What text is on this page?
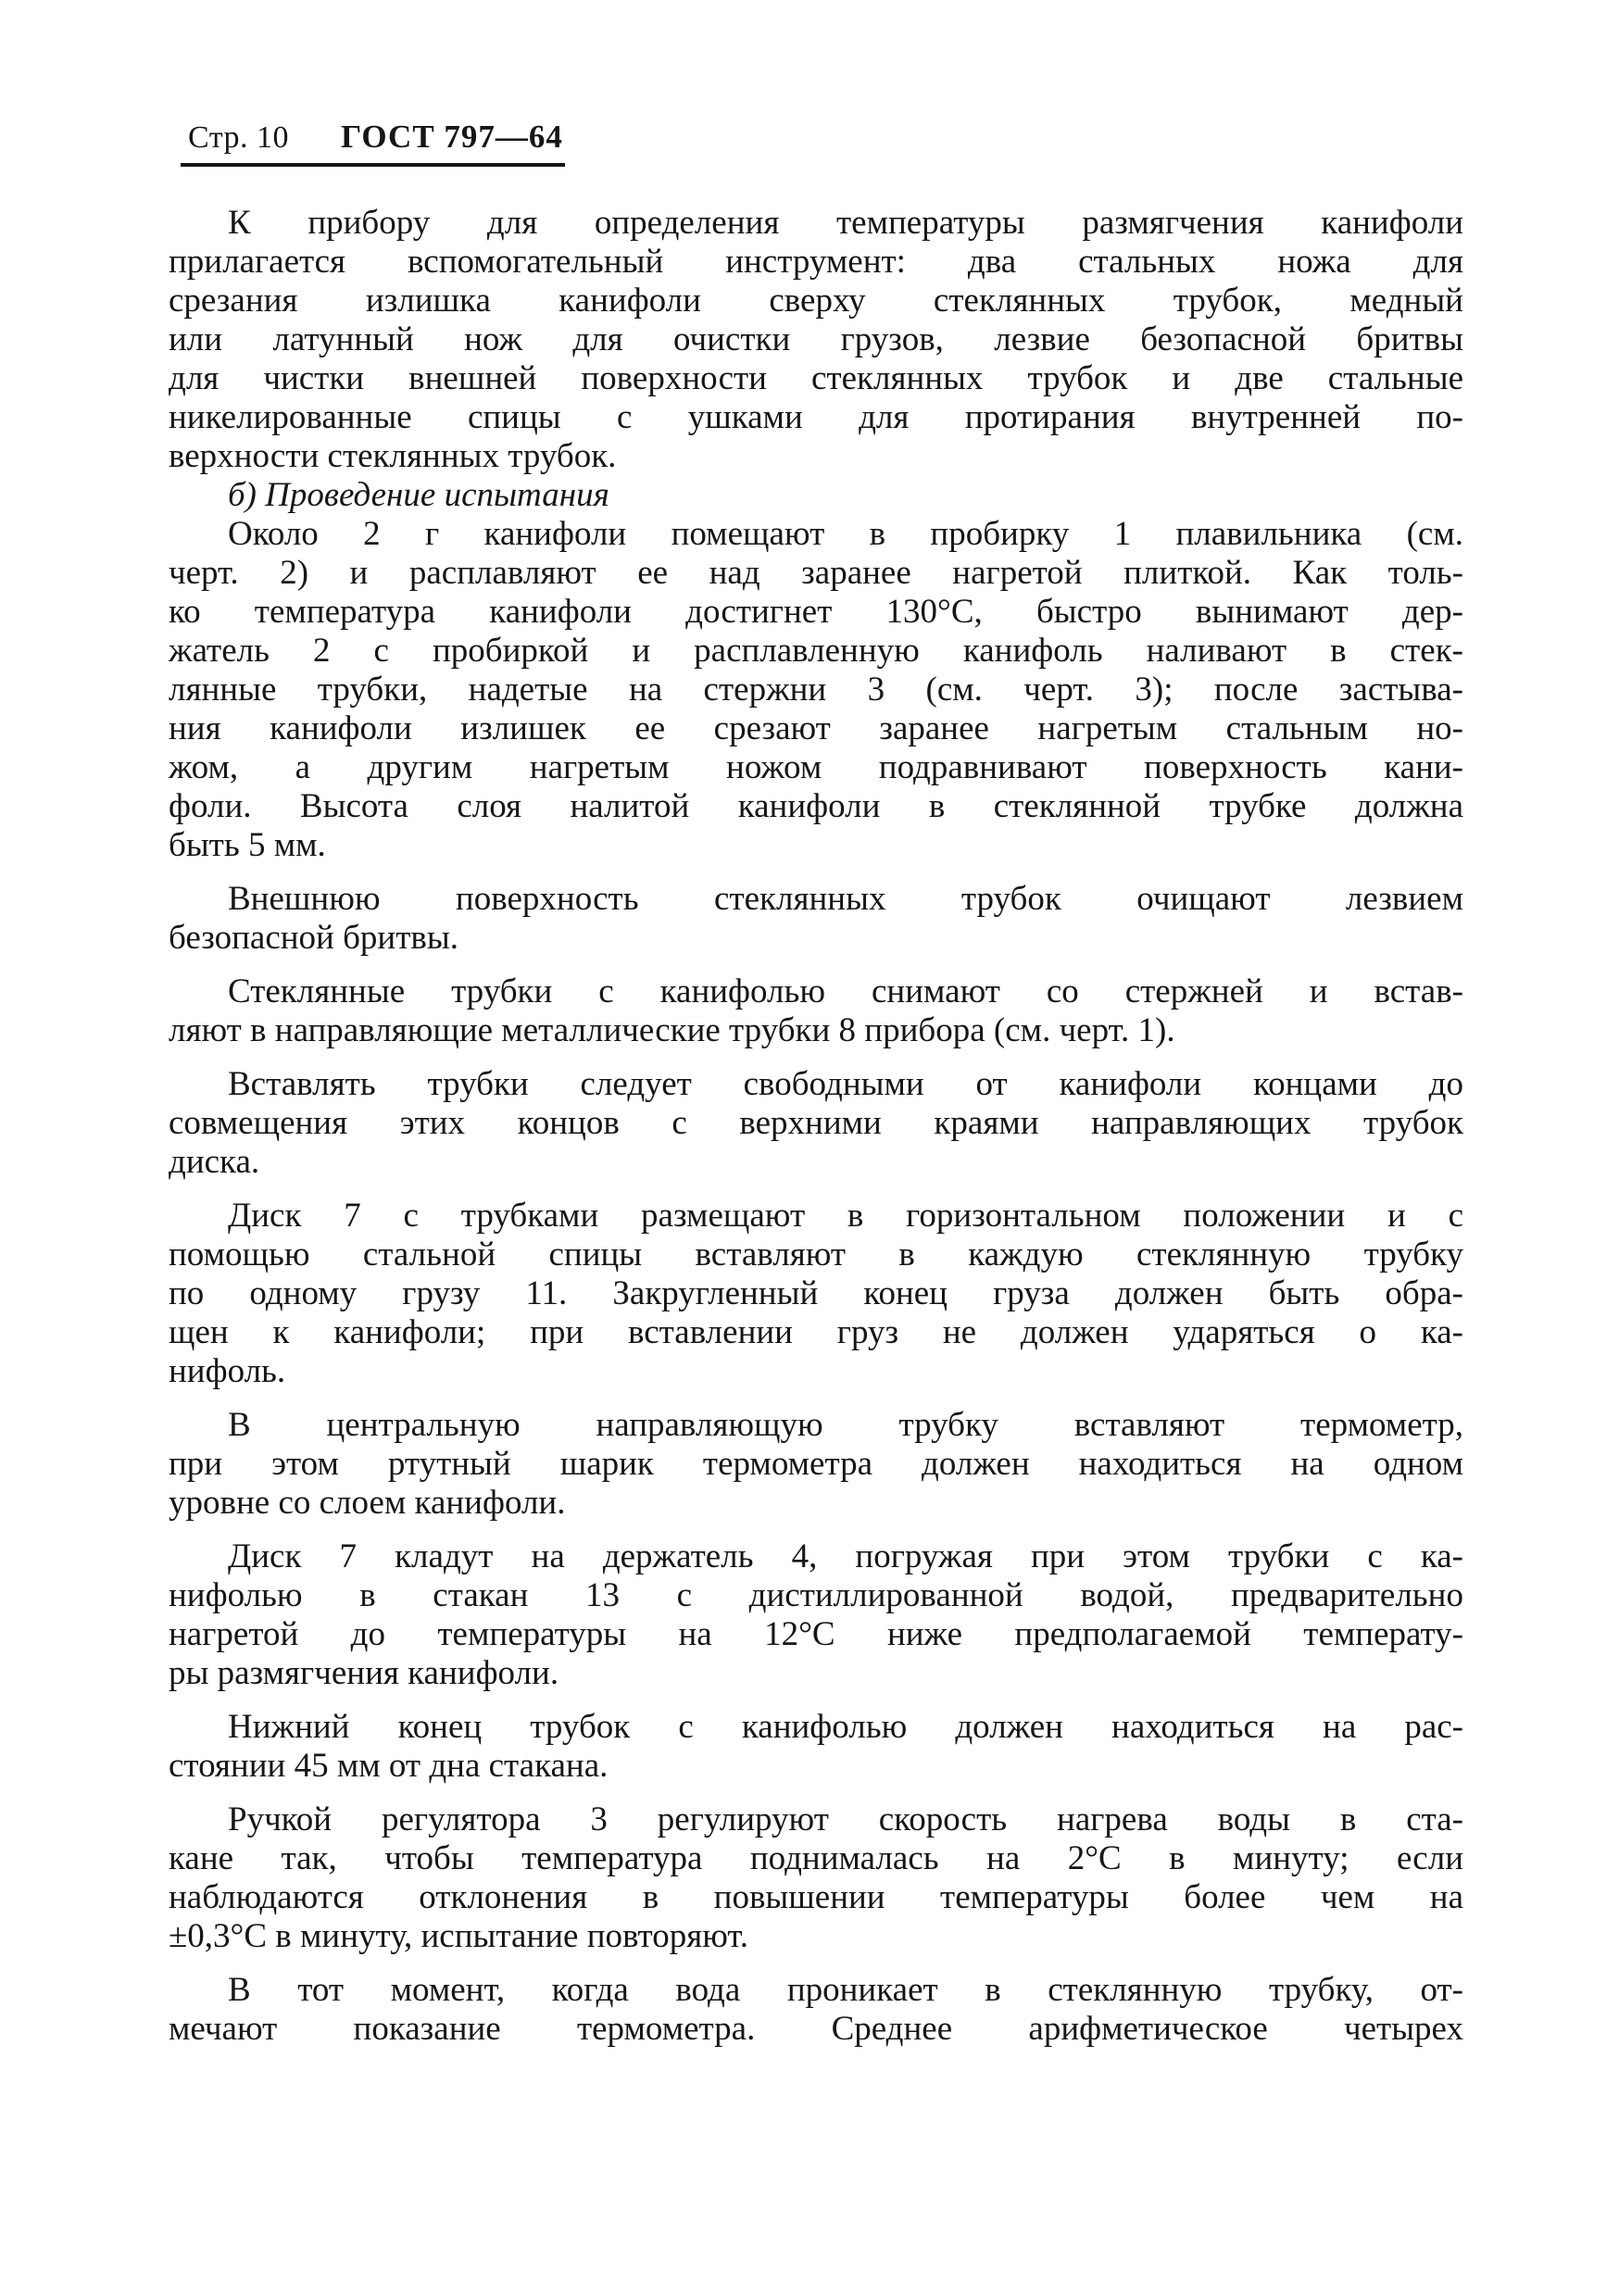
Стр. 10 ГОСТ 797—64
К прибору для определения температуры размягчения канифоли
прилагается вспомогательный инструмент: два стальных ножа для
срезания излишка канифоли сверху стеклянных трубок, медный
или латунный нож для очистки грузов, лезвие безопасной бритвы
для чистки внешней поверхности стеклянных трубок и две стальные
никелированные спицы с ушками для протирания внутренней по-
верхности стеклянных трубок.
б) Проведение испытания
Около 2 г канифоли помещают в пробирку 1 плавильника (см.
черт. 2) и расплавляют ее над заранее нагретой плиткой. Как толь-
ко температура канифоли достигнет 130°С, быстро вынимают дер-
жатель 2 с пробиркой и расплавленную канифоль наливают в стек-
лянные трубки, надетые на стержни 3 (см. черт. 3); после застыва-
ния канифоли излишек ее срезают заранее нагретым стальным но-
жом, а другим нагретым ножом подравнивают поверхность кани-
фоли. Высота слоя налитой канифоли в стеклянной трубке должна
быть 5 мм.
Внешнюю поверхность стеклянных трубок очищают лезвием
безопасной бритвы.
Стеклянные трубки с канифолью снимают со стержней и встав-
ляют в направляющие металлические трубки 8 прибора (см. черт. 1).
Вставлять трубки следует свободными от канифоли концами до
совмещения этих концов с верхними краями направляющих трубок
диска.
Диск 7 с трубками размещают в горизонтальном положении и с
помощью стальной спицы вставляют в каждую стеклянную трубку
по одному грузу 11. Закругленный конец груза должен быть обра-
щен к канифоли; при вставлении груз не должен ударяться о ка-
нифоль.
В центральную направляющую трубку вставляют термометр,
при этом ртутный шарик термометра должен находиться на одном
уровне со слоем канифоли.
Диск 7 кладут на держатель 4, погружая при этом трубки с ка-
нифолью в стакан 13 с дистиллированной водой, предварительно
нагретой до температуры на 12°С ниже предполагаемой температу-
ры размягчения канифоли.
Нижний конец трубок с канифолью должен находиться на рас-
стоянии 45 мм от дна стакана.
Ручкой регулятора 3 регулируют скорость нагрева воды в ста-
кане так, чтобы температура поднималась на 2°С в минуту; если
наблюдаются отклонения в повышении температуры более чем на
±0,3°С в минуту, испытание повторяют.
В тот момент, когда вода проникает в стеклянную трубку, от-
мечают показание термометра. Среднее арифметическое четырех
